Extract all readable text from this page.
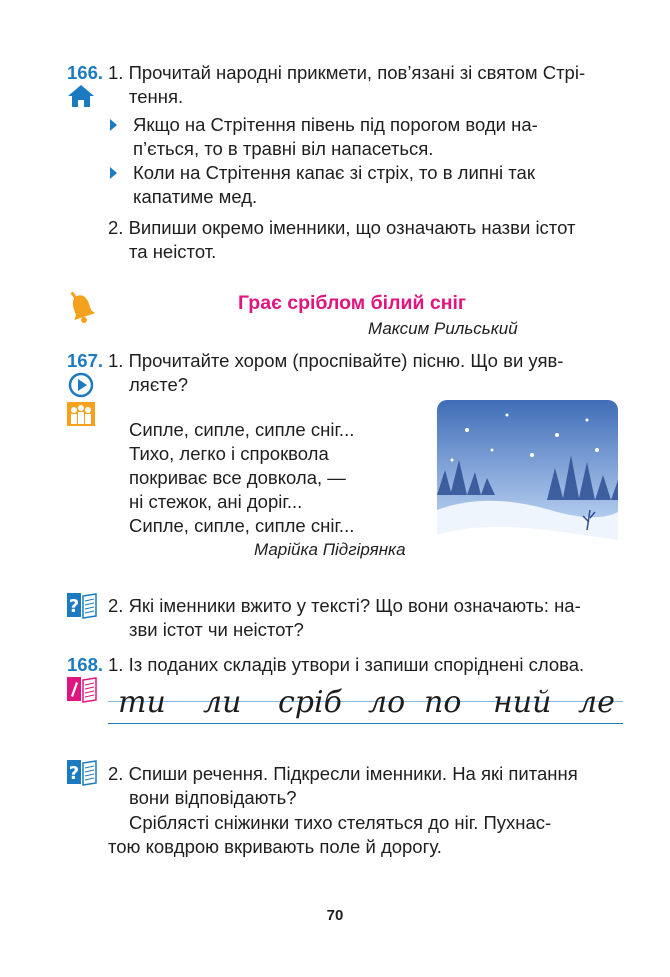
166. 1. Прочитай народні прикмети, пов’язані зі святом Стрі-
тення.
Якщо на Стрітення півень під порогом води на-
п’ється, то в травні віл напасеться.
Коли на Стрітення капає зі стріх, то в липні так
капатиме мед.
2. Випиши окремо іменники, що означають назви істот
та неістот.
Грає сріблом білий сніг
Максим Рильський
167. 1. Прочитайте хором (проспівайте) пісню. Що ви уяв-
ляєте?
Сипле, сипле, сипле сніг...
Тихо, легко і спроквола
покриває все довкола, —
ні стежок, ані доріг...
Сипле, сипле, сипле сніг...
Марійка Підгірянка
? 2. Які іменники вжито у тексті? Що вони означають: на-
зви істот чи неістот?
168. 1. Із поданих складів утвори і запиши споріднені слова.
ти ли сріб ло по ний ле
? 2. Спиши речення. Підкресли іменники. На які питання
вони відповідають?
Сріблясті сніжинки тихо стеляться до ніг. Пухнас-
тою ковдрою вкривають поле й дорогу.
70
